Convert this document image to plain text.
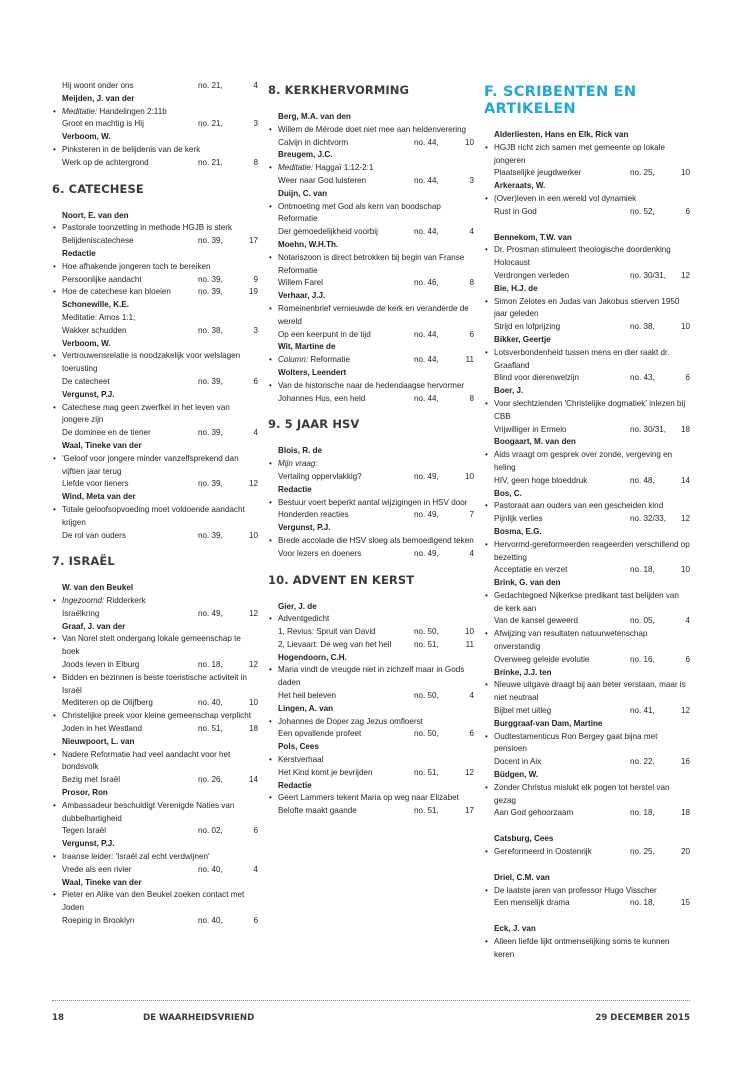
Hij woont onder ons	no. 21,	4
Meijden, J. van der
• Meditatie: Handelingen 2:11b
Groot en machtig is Hij	no. 21,	3
Verboom, W.
• Pinksteren in de belijdenis van de kerk
Werk op de achtergrond	no. 21,	8
6. CATECHESE
Noort, E. van den
• Pastorale toonzetting in methode HGJB is sterk
Belijdeniscatechese	no. 39,	17
Redactie
• Hoe afhakende jongeren toch te bereiken
Persoonlijke aandacht	no. 39,	9
• Hoe de catechese kan bloeien	no. 39,	19
Schonewille, K.E.
Meditatie: Amos 1:1;
Wakker schudden	no. 38,	3
Verboom, W.
• Vertrouwensrelatie is noodzakelijk voor welslagen toerusting
De catecheet	no. 39,	6
Vergunst, P.J.
• Catechese mag geen zwerfkei in het leven van jongere zijn
De dominee en de tiener	no. 39,	4
Waal, Tineke van der
• 'Geloof voor jongere minder vanzelfsprekend dan vijftien jaar terug
Liefde voor tieners	no. 39,	12
Wind, Meta van der
• Totale geloofsopvoeding moet voldoende aandacht krijgen
De rol van ouders	no. 39,	10
7. ISRAËL
W. van den Beukel
• Ingezoomd: Ridderkerk
Israëlkring	no. 49,	12
Graaf, J. van der
• Van Norel stelt ondergang lokale gemeenschap te boek
Joods leven in Elburg	no. 18,	12
• Bidden en bezinnen is beste toeristische activiteit in Israël
Mediteren op de Olijfberg	no. 40,	10
• Christelijke preek voor kleine gemeenschap verplicht
Joden in het Westland	no. 51,	18
Nieuwpoort, L. van
• Nadere Reformatie had veel aandacht voor het bondsvolk
Bezig met Israël	no. 26,	14
Prosor, Ron
• Ambassadeur beschuldigt Verenigde Naties van dubbelhartigheid
Tegen Israël	no. 02,	6
Vergunst, P.J.
• Iraanse leider: 'Israël zal echt verdwijnen'
Vrede als een rivier	no. 40,	4
Waal, Tineke van der
• Pieter en Alike van den Beukel zoeken contact met Joden
Roeping in Brooklyn	no. 40,	6
8. KERKHERVORMING
Berg, M.A. van den
• Willem de Mérode doet niet mee aan heldenverering
Calvijn in dichtvorm	no. 44,	10
Breugem, J.C.
• Meditatie: Haggaï 1:12-2:1
Weer naar God luisteren	no. 44,	3
Duijn, C. van
• Ontmoeting met God als kern van boodschap Reformatie
Der gemoedelijkheid voorbij	no. 44,	4
Moehn, W.H.Th.
• Notariszoon is direct betrokken bij begin van Franse Reformatie
Willem Farel	no. 46,	8
Verhaar, J.J.
• Romeinenbrief vernieuwde de kerk en veranderde de wereld
Op een keerpunt in de tijd	no. 44,	6
Wit, Martine de
• Column: Reformatie	no. 44,	11
Wolters, Leendert
• Van de historische naar de hedendaagse hervormer
Johannes Hus, een held	no. 44,	8
9. 5 JAAR HSV
Blois, R. de
• Mijn vraag:
Vertaling oppervlakkig?	no. 49,	10
Redactie
• Bestuur voert beperkt aantal wijzigingen in HSV door
Honderden reacties	no. 49,	7
Vergunst, P.J.
• Brede accolade die HSV sloeg als bemoedigend teken
Voor lezers en doeners	no. 49,	4
10. ADVENT EN KERST
Gier, J. de
• Adventgedicht
1, Revius: Spruit van David	no. 50,	10
2, Lievaart: De weg van het heil	no. 51,	11
Hogendoorn, C.H.
• Maria vindt de vreugde niet in zichzelf maar in Gods daden
Het heil beleven	no. 50,	4
Lingen, A. van
• Johannes de Doper zag Jezus omfloerst
Een opvallende profeet	no. 50,	6
Pols, Cees
• Kerstverhaal
Het Kind komt je bevrijden	no. 51,	12
Redactie
• Geert Lammers tekent Maria op weg naar Elizabet
Belofte maakt gaande	no. 51,	17
F. SCRIBENTEN EN ARTIKELEN
Alderliesten, Hans en Elk, Rick van
• HGJB richt zich samen met gemeente op lokale jongeren
Plaatselijke jeugdwerker	no. 25,	10
Arkeraats, W.
• (Over)leven in een wereld vol dynamiek
Rust in God	no. 52,	6
Bennekom, T.W. van
• Dr. Prosman stimuleert theologische doordenking Holocaust
Verdrongen verleden	no. 30/31,	12
Bie, H.J. de
• Simon Zelotes en Judas van Jakobus stierven 1950 jaar geleden
Strijd en lofprijzing	no. 38,	10
Bikker, Geertje
• Lotsverbondenheid tussen mens en dier raakt dr. Graafland
Blind voor dierenwelzijn	no. 43,	6
Boer, J.
• Voor slechtzienden 'Christelijke dogmatiek' inlezen bij CBB
Vrijwilliger in Ermelo	no. 30/31,	18
Boogaart, M. van den
• Aids vraagt om gesprek over zonde, vergeving en heling
HIV, geen hoge bloeddruk	no. 48,	14
Bos, C.
• Pastoraat aan ouders van een gescheiden kind
Pijnlijk verlies	no. 32/33,	12
Bosma, E.G.
• Hervormd-gereformeerden reageerden verschillend op bezetting
Acceptatie en verzet	no. 18,	10
Brink, G. van den
• Gedachtegoed Nijkerkse predikant tast belijden van de kerk aan
Van de kansel geweerd	no. 05,	4
• Afwijzing van resultaten natuurwetenschap onverstandig
Overweeg geleide evolutie	no. 16,	6
Brinke, J.J. ten
• Nieuwe uitgave draagt bij aan beter verstaan, maar is niet neutraal
Bijbel met uitleg	no. 41,	12
Burggraaf-van Dam, Martine
• Oudtestamenticus Ron Bergey gaat bijna met pensioen
Docent in Aix	no. 22,	16
Büdgen, W.
• Zonder Christus mislukt elk pogen tot herstel van gezag
Aan God gehoorzaam	no. 18,	18
Catsburg, Cees
• Gereformeerd in Oostenrijk	no. 25,	20
Driel, C.M. van
• De laatste jaren van professor Hugo Visscher
Een menselijk drama	no. 18,	15
Eck, J. van
• Alleen liefde lijkt ontmenselijking soms te kunnen keren
18	DE WAARHEIDSVRIEND	29 DECEMBER 2015
